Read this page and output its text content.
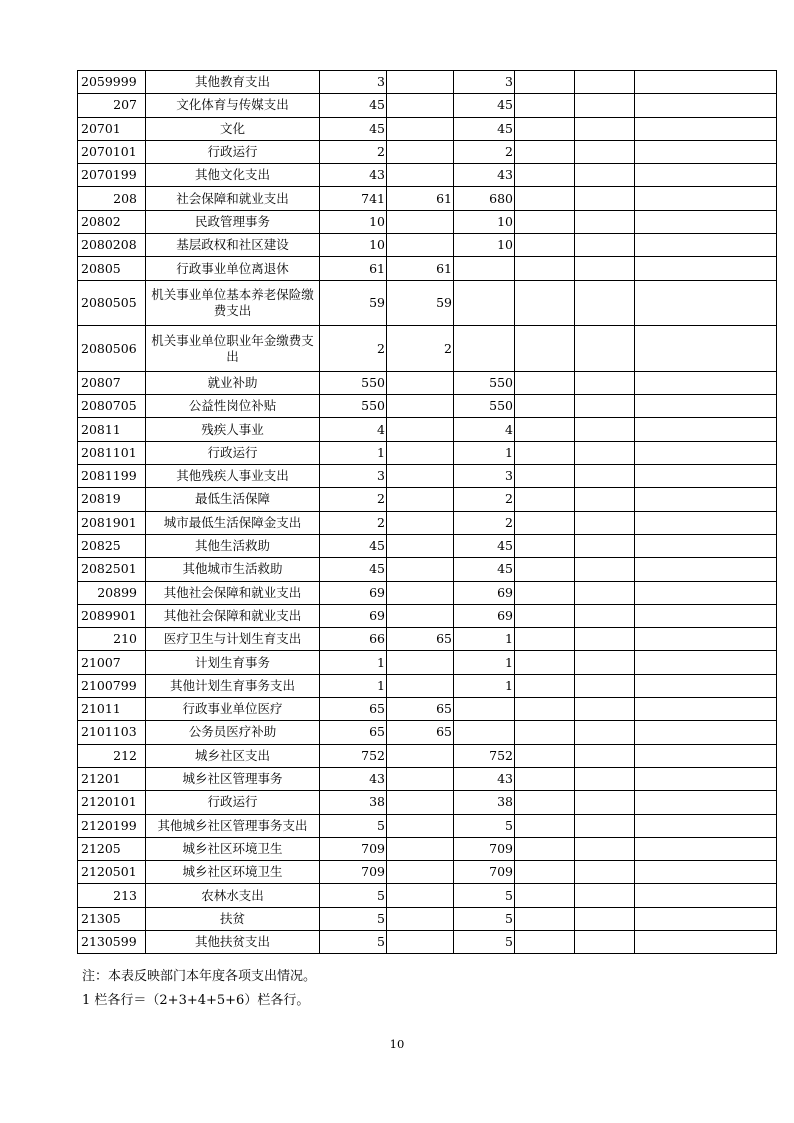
2059999	其他教育支出	3		3			
207	文化体育与传媒支出	45		45			
20701	文化	45		45			
2070101	行政运行	2		2			
2070199	其他文化支出	43		43			
208	社会保障和就业支出	741	61	680			
20802	民政管理事务	10		10			
2080208	基层政权和社区建设	10		10			
20805	行政事业单位离退休	61	61				
2080505	机关事业单位基本养老保险缴费支出	59	59				
2080506	机关事业单位职业年金缴费支出	2	2				
20807	就业补助	550		550			
2080705	公益性岗位补贴	550		550			
20811	残疾人事业	4		4			
2081101	行政运行	1		1			
2081199	其他残疾人事业支出	3		3			
20819	最低生活保障	2		2			
2081901	城市最低生活保障金支出	2		2			
20825	其他生活救助	45		45			
2082501	其他城市生活救助	45		45			
20899	其他社会保障和就业支出	69		69			
2089901	其他社会保障和就业支出	69		69			
210	医疗卫生与计划生育支出	66	65	1			
21007	计划生育事务	1		1			
2100799	其他计划生育事务支出	1		1			
21011	行政事业单位医疗	65	65				
2101103	公务员医疗补助	65	65				
212	城乡社区支出	752		752			
21201	城乡社区管理事务	43		43			
2120101	行政运行	38		38			
2120199	其他城乡社区管理事务支出	5		5			
21205	城乡社区环境卫生	709		709			
2120501	城乡社区环境卫生	709		709			
213	农林水支出	5		5			
21305	扶贫	5		5			
2130599	其他扶贫支出	5		5			
注：本表反映部门本年度各项支出情况。
1 栏各行＝（2+3+4+5+6）栏各行。
10
